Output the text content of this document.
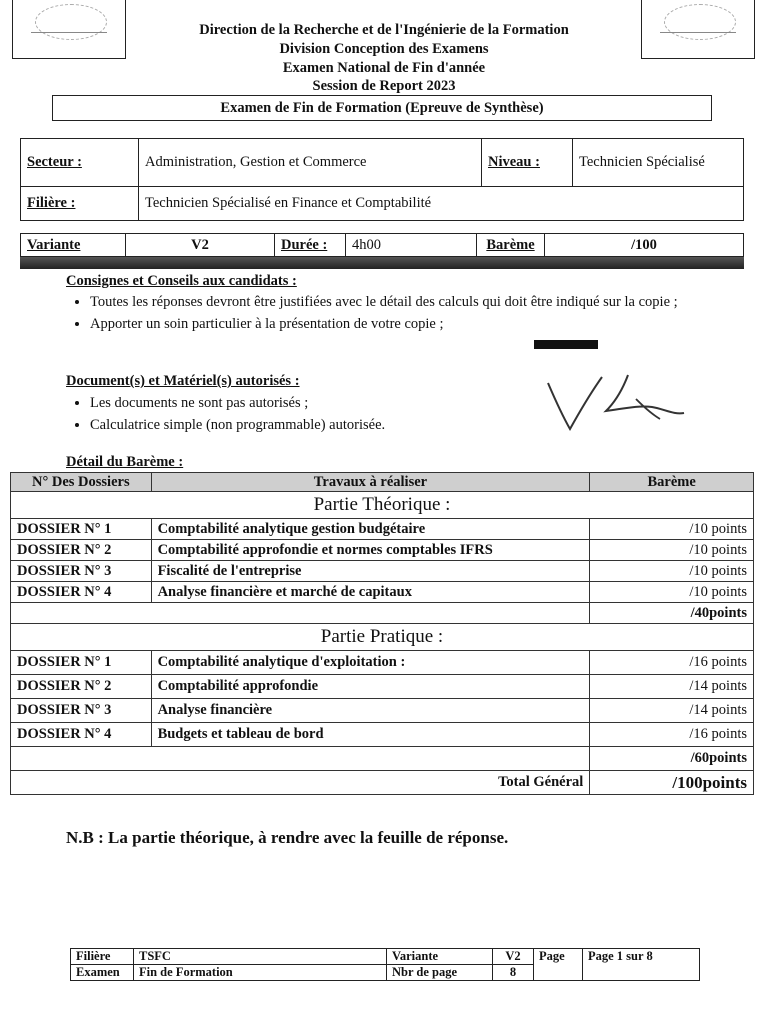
Direction de la Recherche et de l'Ingénierie de la Formation
Division Conception des Examens
Examen National de Fin d'année
Session de Report 2023
Examen de Fin de Formation (Epreuve de Synthèse)
Secteur :	Administration, Gestion et Commerce	Niveau :	Technicien Spécialisé
Filière :	Technicien Spécialisé en Finance et Comptabilité		
Variante	V2	Durée :	4h00	Barème	/100
Consignes et Conseils aux candidats :
• Toutes les réponses devront être justifiées avec le détail des calculs qui doit être indiqué sur la copie ;
• Apporter un soin particulier à la présentation de votre copie ;
Document(s) et Matériel(s) autorisés :
• Les documents ne sont pas autorisés ;
• Calculatrice simple (non programmable) autorisée.
Détail du Barème :
N° Des Dossiers	Travaux à réaliser	Barème
Partie Théorique :		
DOSSIER N° 1	Comptabilité analytique gestion budgétaire	/10 points
DOSSIER N° 2	Comptabilité approfondie et normes comptables IFRS	/10 points
DOSSIER N° 3	Fiscalité de l'entreprise	/10 points
DOSSIER N° 4	Analyse financière et marché de capitaux	/10 points
		/40points
Partie Pratique :		
DOSSIER N° 1	Comptabilité analytique d'exploitation :	/16 points
DOSSIER N° 2	Comptabilité approfondie	/14 points
DOSSIER N° 3	Analyse financière	/14 points
DOSSIER N° 4	Budgets et tableau de bord	/16 points
		/60points
Total Général		/100points
N.B : La partie théorique, à rendre avec la feuille de réponse.
Filière	TSFC	Variante	V2	Page	Page 1 sur 8
Examen	Fin de Formation	Nbr de page	8		
